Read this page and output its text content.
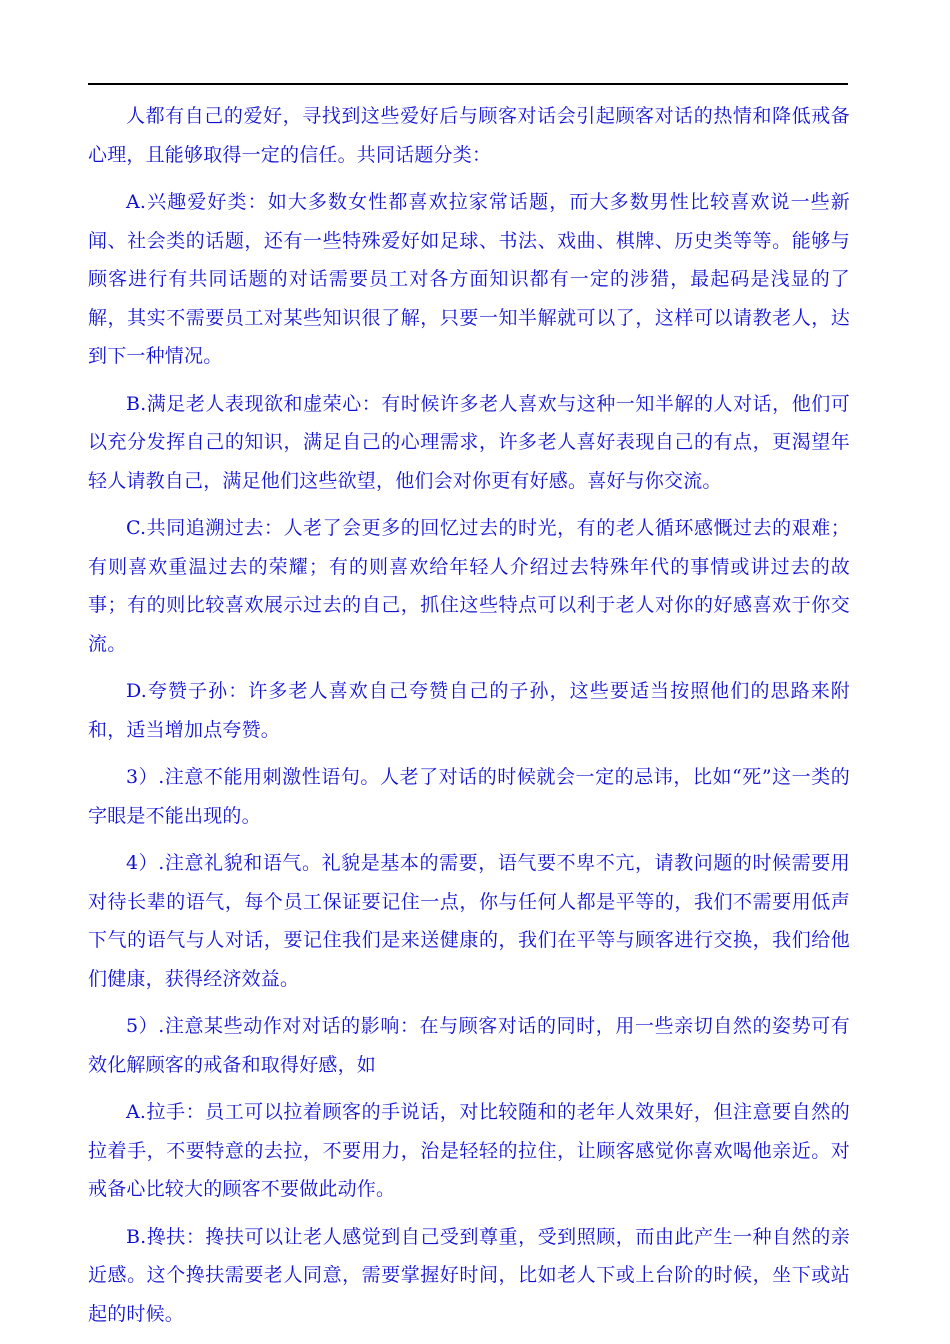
人都有自己的爱好，寻找到这些爱好后与顾客对话会引起顾客对话的热情和降低戒备心理，且能够取得一定的信任。共同话题分类：

A.兴趣爱好类：如大多数女性都喜欢拉家常话题，而大多数男性比较喜欢说一些新闻、社会类的话题，还有一些特殊爱好如足球、书法、戏曲、棋牌、历史类等等。能够与顾客进行有共同话题的对话需要员工对各方面知识都有一定的涉猎，最起码是浅显的了解，其实不需要员工对某些知识很了解，只要一知半解就可以了，这样可以请教老人，达到下一种情况。

B.满足老人表现欲和虚荣心：有时候许多老人喜欢与这种一知半解的人对话，他们可以充分发挥自己的知识，满足自己的心理需求，许多老人喜好表现自己的有点，更渴望年轻人请教自己，满足他们这些欲望，他们会对你更有好感。喜好与你交流。

C.共同追溯过去：人老了会更多的回忆过去的时光，有的老人循环感慨过去的艰难；有则喜欢重温过去的荣耀；有的则喜欢给年轻人介绍过去特殊年代的事情或讲过去的故事；有的则比较喜欢展示过去的自己，抓住这些特点可以利于老人对你的好感喜欢于你交流。

D.夸赞子孙：许多老人喜欢自己夸赞自己的子孙，这些要适当按照他们的思路来附和，适当增加点夸赞。

3）.注意不能用刺激性语句。人老了对话的时候就会一定的忌讳，比如“死”这一类的字眼是不能出现的。

4）.注意礼貌和语气。礼貌是基本的需要，语气要不卑不亢，请教问题的时候需要用对待长辈的语气，每个员工保证要记住一点，你与任何人都是平等的，我们不需要用低声下气的语气与人对话，要记住我们是来送健康的，我们在平等与顾客进行交换，我们给他们健康，获得经济效益。

5）.注意某些动作对对话的影响：在与顾客对话的同时，用一些亲切自然的姿势可有效化解顾客的戒备和取得好感，如

A.拉手：员工可以拉着顾客的手说话，对比较随和的老年人效果好，但注意要自然的拉着手，不要特意的去拉，不要用力，治是轻轻的拉住，让顾客感觉你喜欢喝他亲近。对戒备心比较大的顾客不要做此动作。

B.搀扶：搀扶可以让老人感觉到自己受到尊重，受到照顾，而由此产生一种自然的亲近感。这个搀扶需要老人同意，需要掌握好时间，比如老人下或上台阶的时候，坐下或站起的时候。
